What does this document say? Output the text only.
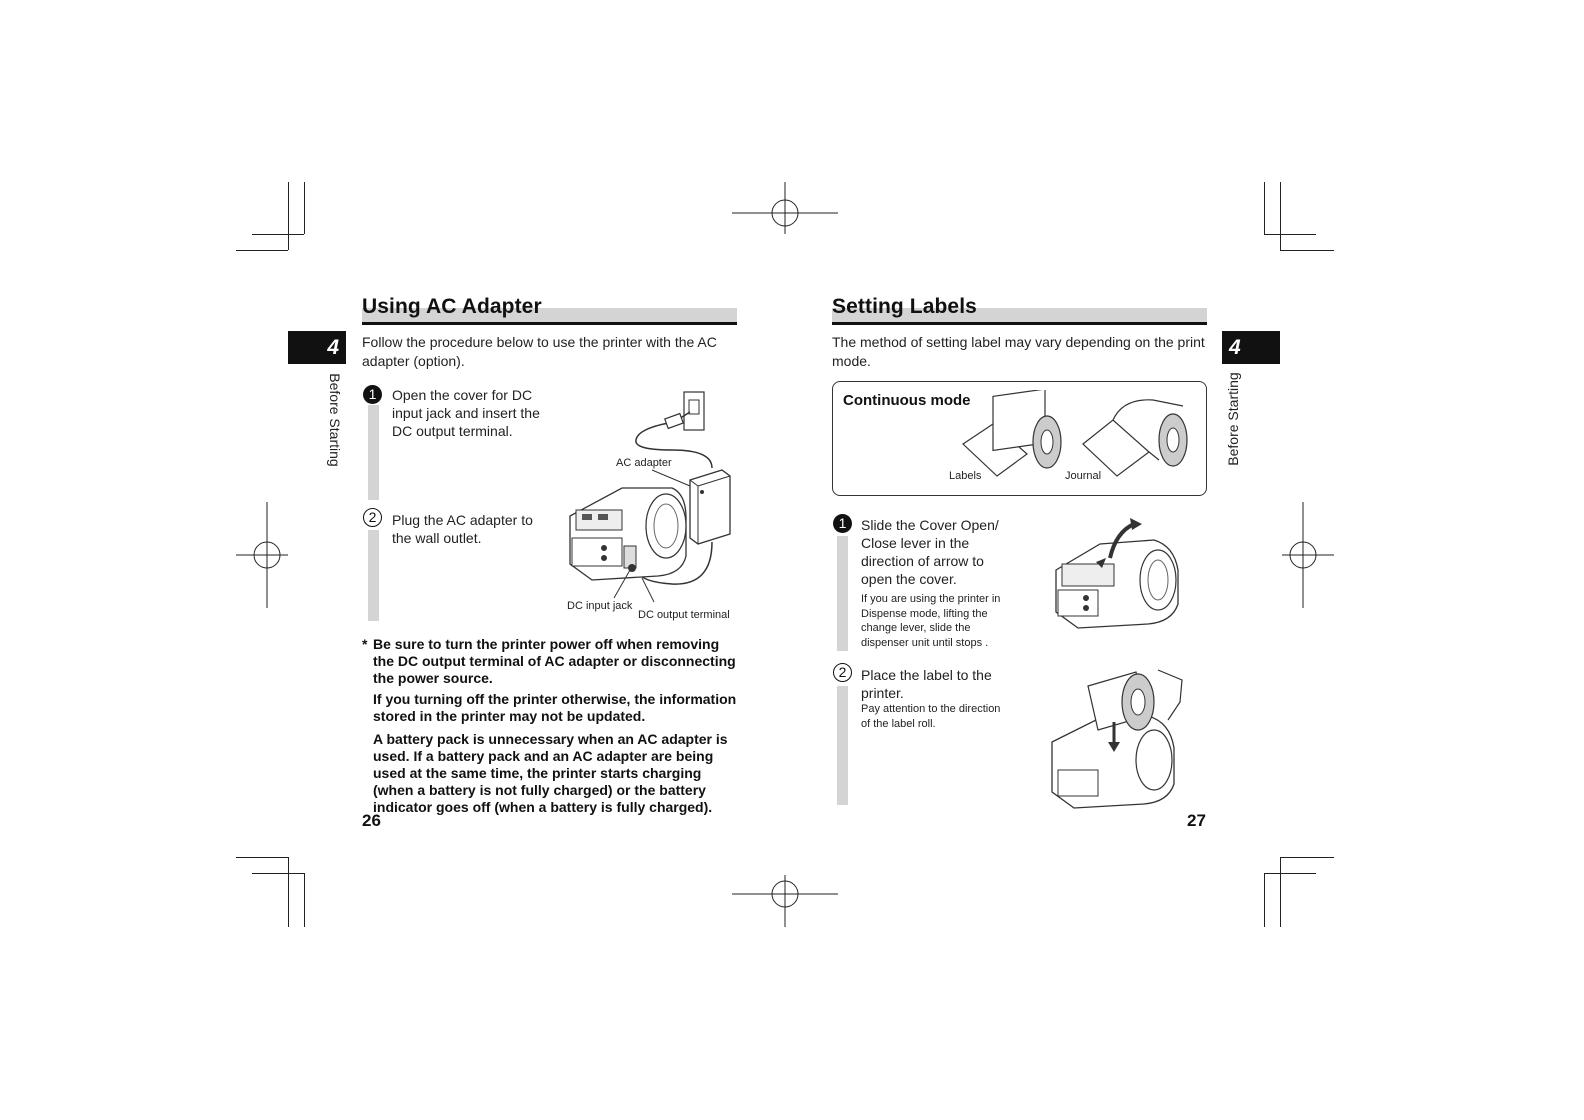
4
Before Starting
Using AC Adapter
Follow the procedure below to use the printer with the AC adapter (option).
1	Open the cover for DC input jack and insert the DC output terminal.
2	Plug the AC adapter to the wall outlet.
AC adapter
DC input jack
DC output terminal
* Be sure to turn the printer power off when removing the DC output terminal of AC adapter or disconnecting the power source.
If you turning off the printer otherwise, the information stored in the printer may not be updated.
A battery pack is unnecessary when an AC adapter is used. If a battery pack and an AC adapter are being used at the same time, the printer starts charging (when a battery is not fully charged) or the battery indicator goes off (when a battery is fully charged).
26
4
Before Starting
Setting Labels
The method of setting label may vary depending on the print mode.
Continuous mode
Labels	Journal
1	Slide the Cover Open/ Close lever in the direction of arrow to open the cover.
If you are using the printer in Dispense mode, lifting the change lever, slide the dispenser unit until stops .
2	Place the label to the printer.
Pay attention to the direction of the label roll.
27
